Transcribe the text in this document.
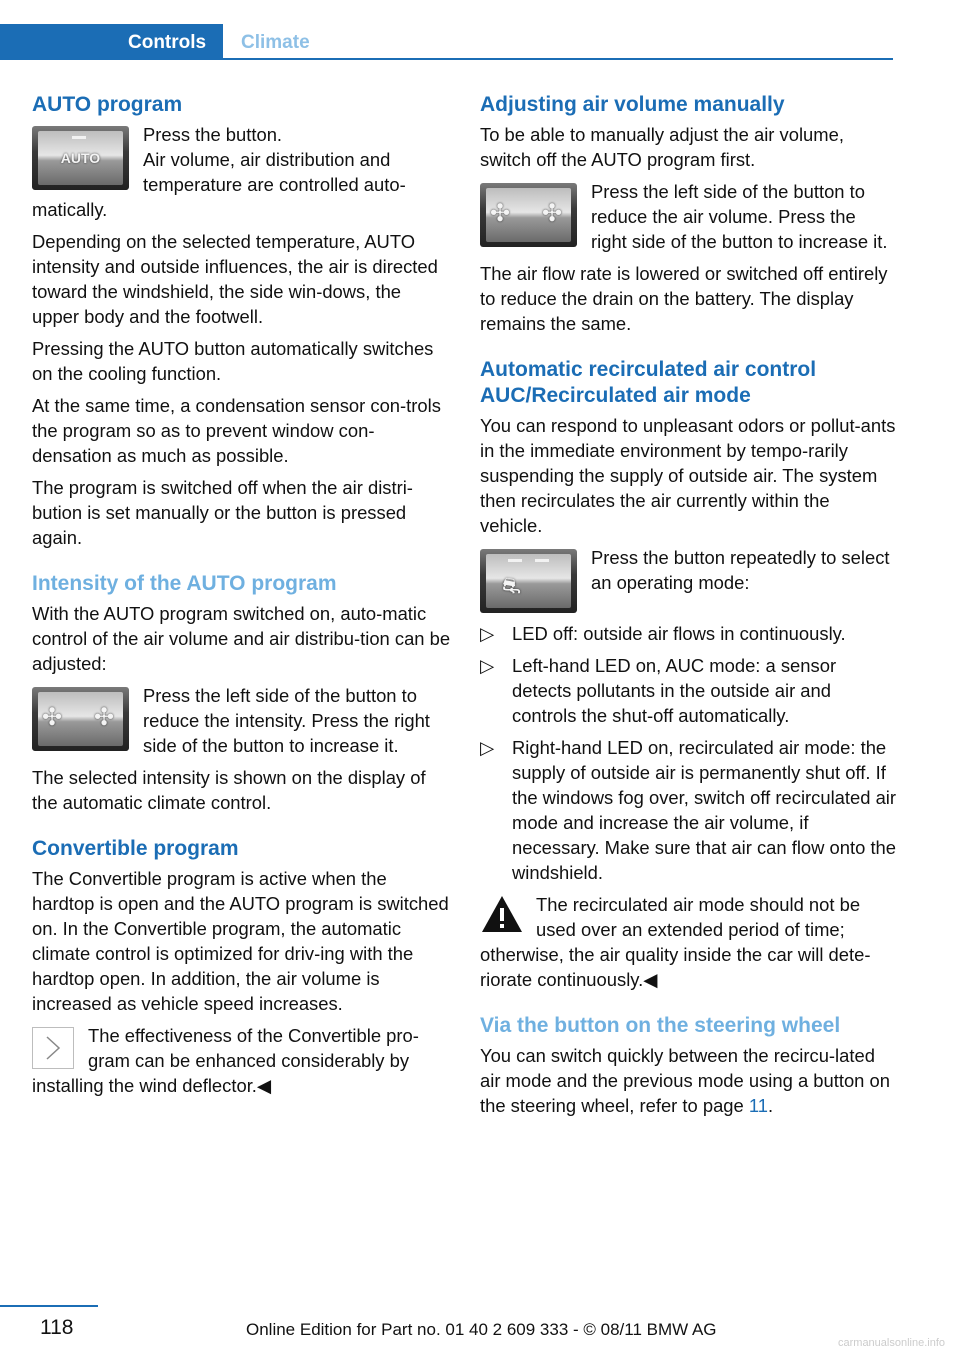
Controls Climate
AUTO program
AUTO

Press the button.
Air volume, air distribution and temperature are controlled auto-matically.

Depending on the selected temperature, AUTO intensity and outside influences, the air is directed toward the windshield, the side win-dows, the upper body and the footwell.

Pressing the AUTO button automatically switches on the cooling function.

At the same time, a condensation sensor con-trols the program so as to prevent window con-densation as much as possible.

The program is switched off when the air distri-bution is set manually or the button is pressed again.

Intensity of the AUTO program

With the AUTO program switched on, auto-matic control of the air volume and air distribu-tion can be adjusted:

✣ ✣

Press the left side of the button to reduce the intensity. Press the right side of the button to increase it.

The selected intensity is shown on the display of the automatic climate control.

Convertible program

The Convertible program is active when the hardtop is open and the AUTO program is switched on. In the Convertible program, the automatic climate control is optimized for driv-ing with the hardtop open. In addition, the air volume is increased as vehicle speed increases.

The effectiveness of the Convertible pro-gram can be enhanced considerably by installing the wind deflector.◀

Adjusting air volume manually

To be able to manually adjust the air volume, switch off the AUTO program first.

✣ ✣

Press the left side of the button to reduce the air volume. Press the right side of the button to increase it.

The air flow rate is lowered or switched off entirely to reduce the drain on the battery. The display remains the same.

Automatic recirculated air control AUC/Recirculated air mode

You can respond to unpleasant odors or pollut-ants in the immediate environment by tempo-rarily suspending the supply of outside air. The system then recirculates the air currently within the vehicle.

⛐

Press the button repeatedly to select an operating mode:

▷ LED off: outside air flows in continuously.
▷ Left-hand LED on, AUC mode: a sensor detects pollutants in the outside air and controls the shut-off automatically.
▷ Right-hand LED on, recirculated air mode: the supply of outside air is permanently shut off. If the windows fog over, switch off recirculated air mode and increase the air volume, if necessary. Make sure that air can flow onto the windshield.

The recirculated air mode should not be used over an extended period of time; otherwise, the air quality inside the car will dete-riorate continuously.◀

Via the button on the steering wheel

You can switch quickly between the recircu-lated air mode and the previous mode using a button on the steering wheel, refer to page 11.

118	Online Edition for Part no. 01 40 2 609 333 - © 08/11 BMW AG
carmanualsonline.info
